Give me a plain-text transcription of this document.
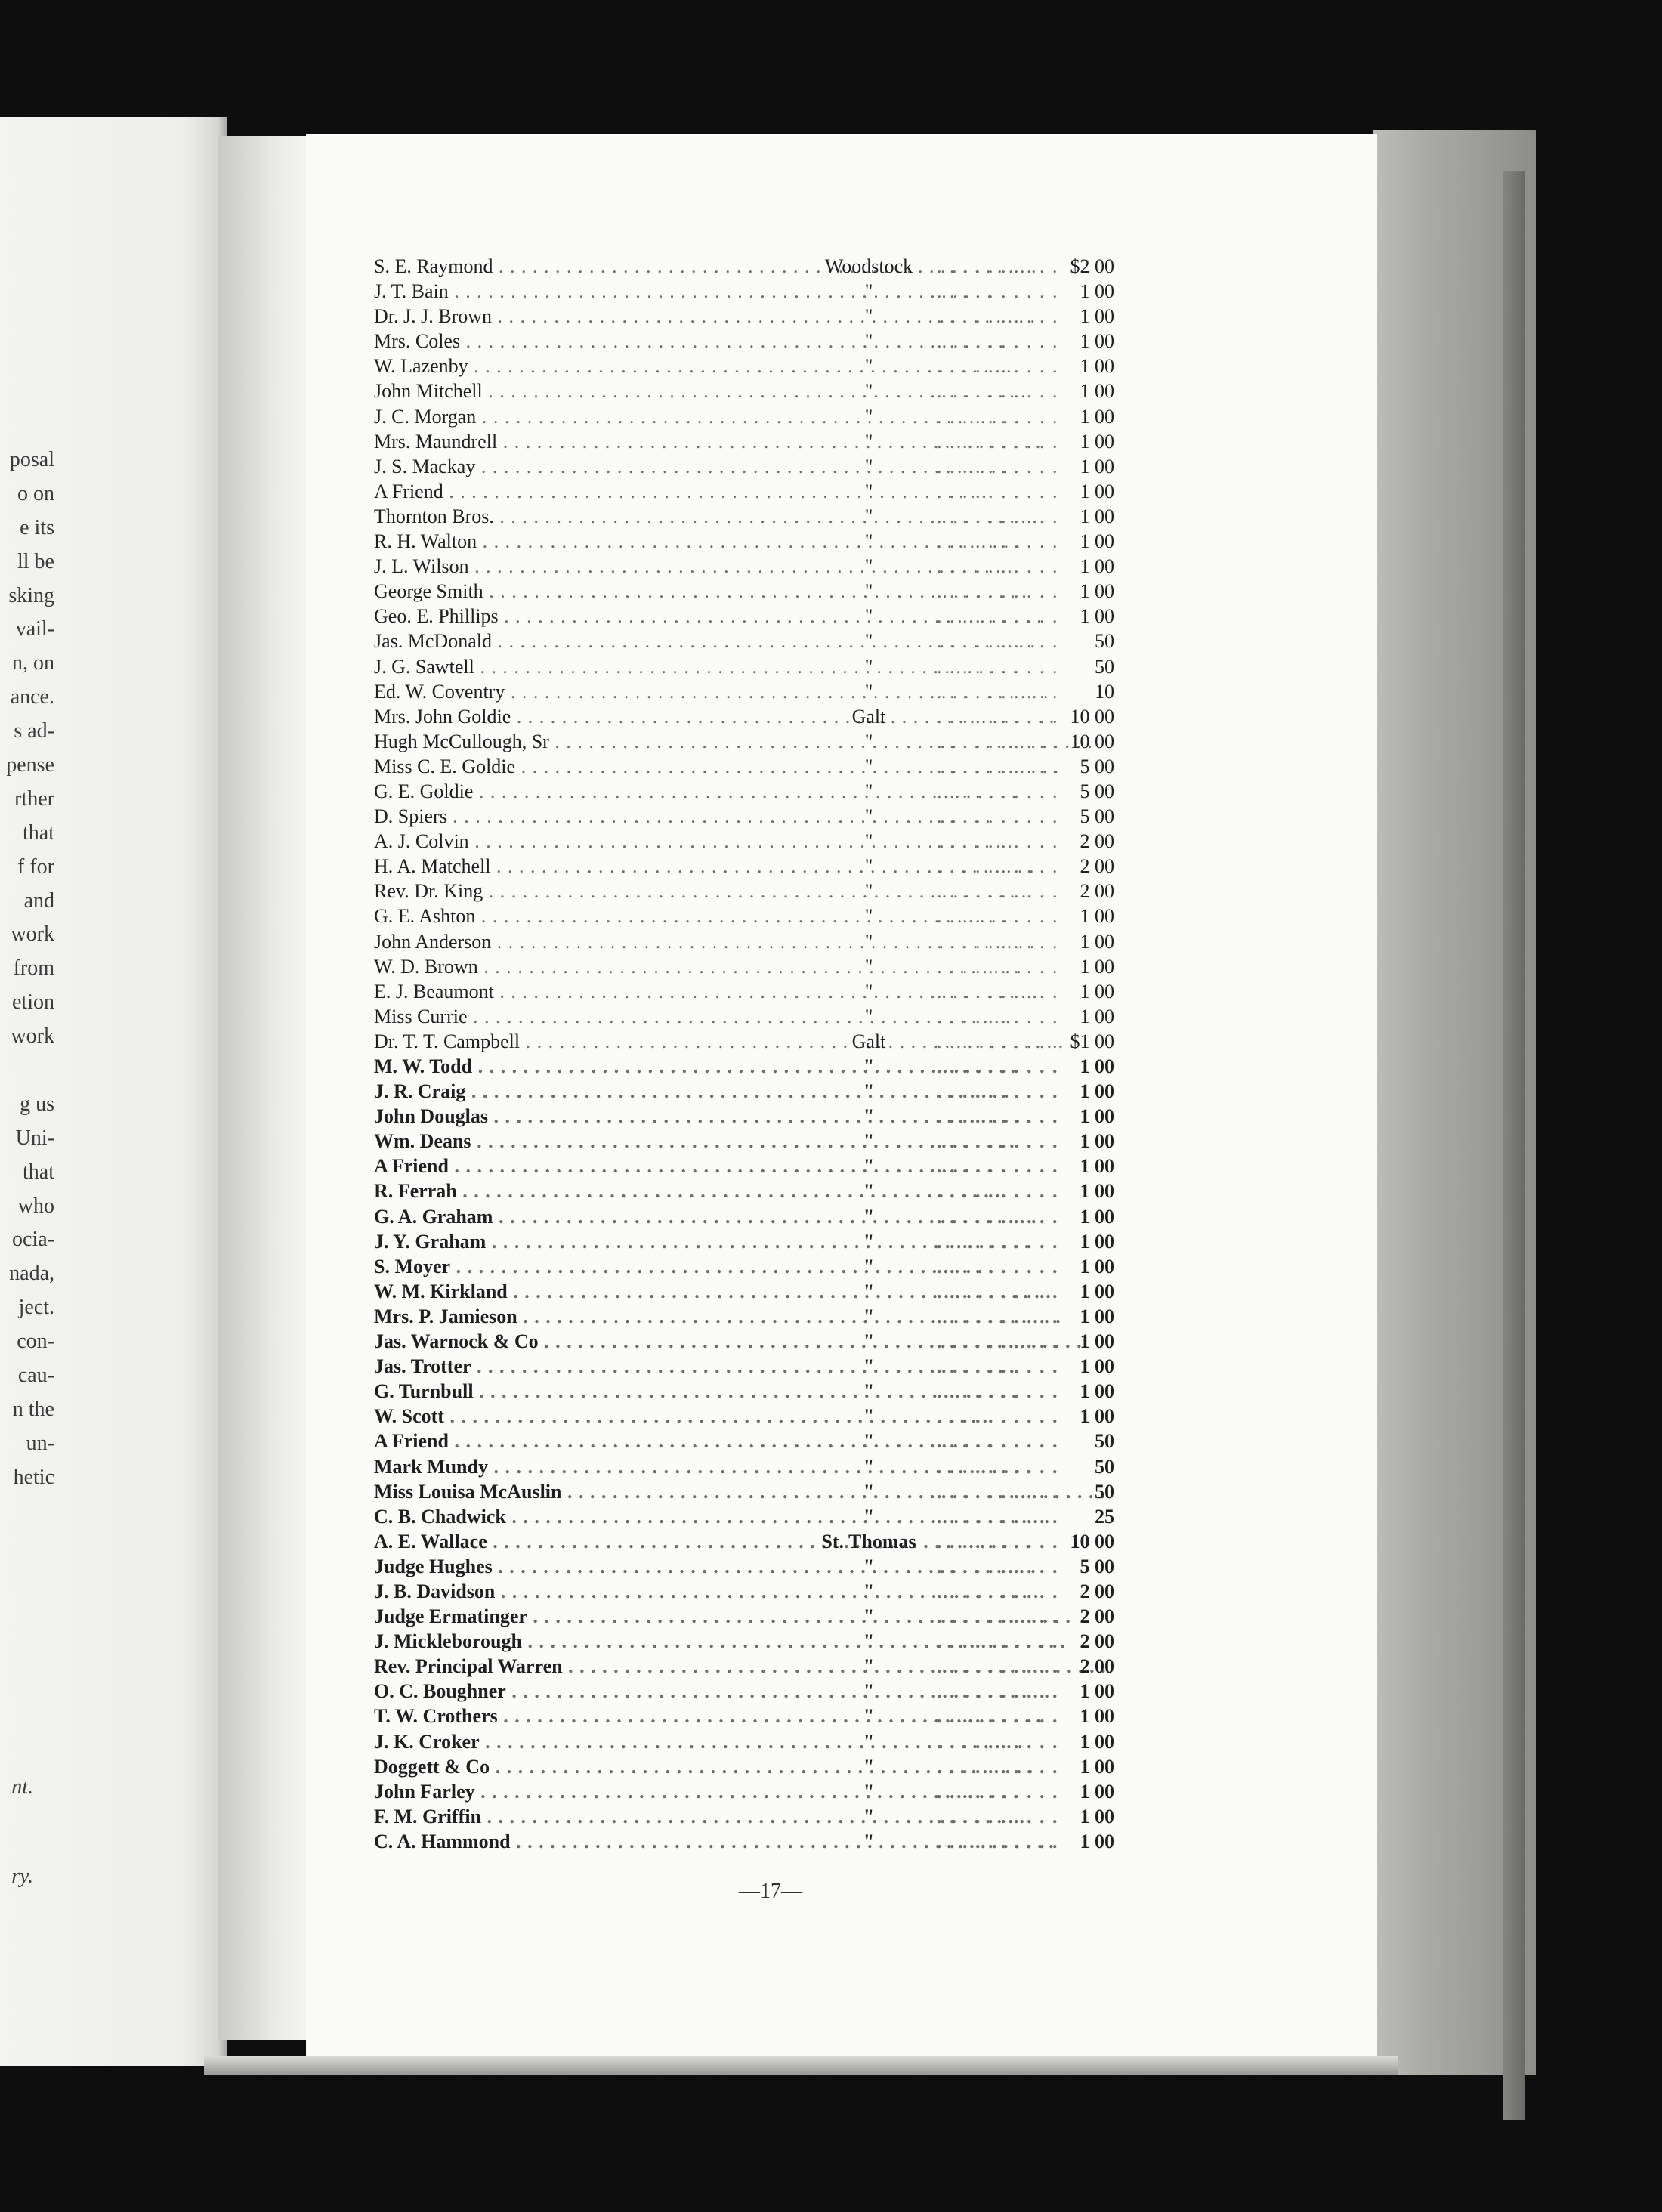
posal
o on
e its
ll be
sking
vail-
n, on
ance.
s ad-
pense
rther
that
f for
and
work
from
etion
work
g us
Uni-
that
who
ocia-
nada,
ject.
con-
cau-
n the
un-
hetic
nt.
ry.
S. E. Raymond . . .	Woodstock	. . . . . . . . . . $2 00
J. T. Bain . . .	"	. . . . . . . . . .	1 00
Dr. J. J. Brown . . .	"	. . . . . . . . . .	1 00
Mrs. Coles . . .	"	. . . . . . . . . .	1 00
W. Lazenby . . .	"	. . . . . . . . . .	1 00
John Mitchell . . .	"	. . . . . . . . . .	1 00
J. C. Morgan . . .	"	. . . . . . . . . .	1 00
Mrs. Maundrell . . .	"	. . . . . . . . . .	1 00
J. S. Mackay . . .	"	. . . . . . . . . .	1 00
A Friend . . .	"	. . . . . . . . . .	1 00
Thornton Bros. . . .	"	. . . . . . . . . .	1 00
R. H. Walton . . .	"	. . . . . . . . . .	1 00
J. L. Wilson . . .	"	. . . . . . . . . .	1 00
George Smith . . .	"	. . . . . . . . . .	1 00
Geo. E. Phillips . . .	"	. . . . . . . . . .	1 00
Jas. McDonald . . .	"	. . . . . . . . . .	50
J. G. Sawtell . . .	"	. . . . . . . . . .	50
Ed. W. Coventry . . .	"	. . . . . . . . . .	10
Mrs. John Goldie . . .	Galt	. . . . . . . . . . 10 00
Hugh McCullough, Sr . . .	"	. . . . . . . . . . 10 00
Miss C. E. Goldie . . .	"	. . . . . . . . . .	5 00
G. E. Goldie . . .	"	. . . . . . . . . .	5 00
D. Spiers . . .	"	. . . . . . . . . .	5 00
A. J. Colvin . . .	"	. . . . . . . . . .	2 00
H. A. Matchell . . .	"	. . . . . . . . . .	2 00
Rev. Dr. King . . .	"	. . . . . . . . . .	2 00
G. E. Ashton . . .	"	. . . . . . . . . .	1 00
John Anderson . . .	"	. . . . . . . . . .	1 00
W. D. Brown . . .	"	. . . . . . . . . .	1 00
E. J. Beaumont . . .	"	. . . . . . . . . .	1 00
Miss Currie . . .	"	. . . . . . . . . .	1 00
Dr. T. T. Campbell . . .	Galt	. . . . . . . . . . $1 00
M. W. Todd . . .	"	. . . . . . . . . .	1 00
J. R. Craig . . .	"	. . . . . . . . . .	1 00
John Douglas . . .	"	. . . . . . . . . .	1 00
Wm. Deans . . .	"	. . . . . . . . . .	1 00
A Friend . . .	"	. . . . . . . . . .	1 00
R. Ferrah . . .	"	. . . . . . . . . .	1 00
G. A. Graham . . .	"	. . . . . . . . . .	1 00
J. Y. Graham . . .	"	. . . . . . . . . .	1 00
S. Moyer . . .	"	. . . . . . . . . .	1 00
W. M. Kirkland . . .	"	. . . . . . . . . .	1 00
Mrs. P. Jamieson . . .	"	. . . . . . . . . .	1 00
Jas. Warnock & Co . . .	"	. . . . . . . . . .	1 00
Jas. Trotter . . .	"	. . . . . . . . . .	1 00
G. Turnbull . . .	"	. . . . . . . . . .	1 00
W. Scott . . .	"	. . . . . . . . . .	1 00
A Friend . . .	"	. . . . . . . . . .	50
Mark Mundy . . .	"	. . . . . . . . . .	50
Miss Louisa McAuslin . . .	"	. . . . . . . . . .	50
C. B. Chadwick . . .	"	. . . . . . . . . .	25
A. E. Wallace . . .	St. Thomas	. . . . . . . . . . 10 00
Judge Hughes . . .	"	. . . . . . . . . .	5 00
J. B. Davidson . . .	"	. . . . . . . . . .	2 00
Judge Ermatinger . . .	"	. . . . . . . . . .	2 00
J. Mickleborough . . .	"	. . . . . . . . . .	2 00
Rev. Principal Warren . . .	"	. . . . . . . . . .	2 00
O. C. Boughner . . .	"	. . . . . . . . . .	1 00
T. W. Crothers . . .	"	. . . . . . . . . .	1 00
J. K. Croker . . .	"	. . . . . . . . . .	1 00
Doggett & Co . . .	"	. . . . . . . . . .	1 00
John Farley . . .	"	. . . . . . . . . .	1 00
F. M. Griffin . . .	"	. . . . . . . . . .	1 00
C. A. Hammond . . .	"	. . . . . . . . . .	1 00
—17—
